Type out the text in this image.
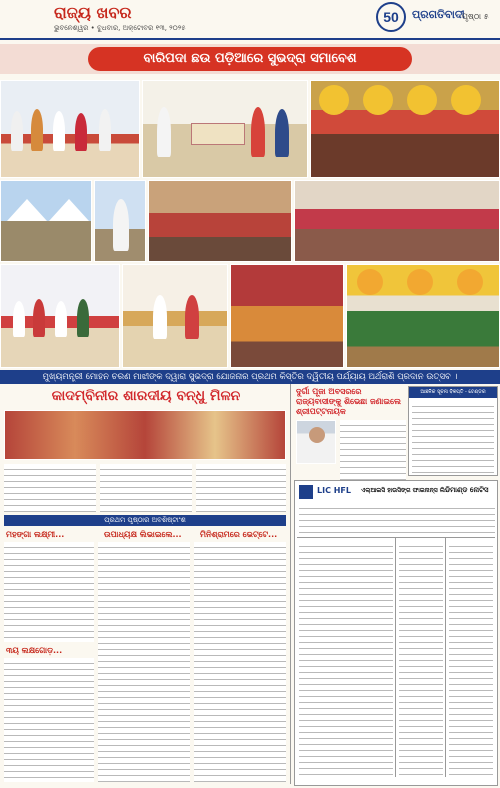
ରାଜ୍ୟ ଖବର
ଭୁବନେଶ୍ୱର • ବୁଧବାର, ଅକ୍ଟୋବର ୧୩, ୨୦୨୫
50	ପ୍ରଗତିବାଦୀ
ପୃଷ୍ଠା ୫
ବାରିପଦା ଛଉ ପଡ଼ିଆରେ ସୁଭଦ୍ରା ସମାବେଶ
ମୁଖ୍ୟମନ୍ତ୍ରୀ ମୋହନ ଚରଣ ମାଝୀଙ୍କ ଦ୍ୱାରା ସୁଭଦ୍ରା ଯୋଜନାର ପ୍ରଥମ କିସ୍ତିର ଦ୍ୱିତୀୟ ପର୍ଯ୍ୟାୟ ଅର୍ଥରାଶି ପ୍ରଦାନ ଉତ୍ସବ ।
କାଦମ୍ବିନୀର ଶାରଦୀୟ ବନ୍ଧୁ ମିଳନ
ପ୍ରଥମ ପୃଷ୍ଠାର ଅବଶିଷ୍ଟାଂଶ
ମହଙ୍ଗା ଲକ୍ଷ୍ମୀ...	ଉପାଧ୍ୟକ୍ଷ ଲିଭାଇଲେ... ମିନିଶ୍ରାମରେ ଭେଟ୍ଟେ...
୩ୟ ଲକ୍ଷଗୋଡ଼...
ଦୁର୍ଗା ପୂଜା ଅବସରରେ ରାଜ୍ୟବାସୀଙ୍କୁ ଶିଭେଛା ଜଣାଇଲେ ଶ୍ରୀପଟ୍ଟନାୟକ
ଆଞ୍ଚଳିକ ସୂଚନା ବିଜ୍ଞପ୍ତି - ଟେଣ୍ଡର
LIC HFL ଏଲ୍ଆଇସି ହାଉସିଙ୍ଗ ଫାଇନାନ୍ସ ଲି.
ଡିମାଣ୍ଡ ନୋଟିସ
